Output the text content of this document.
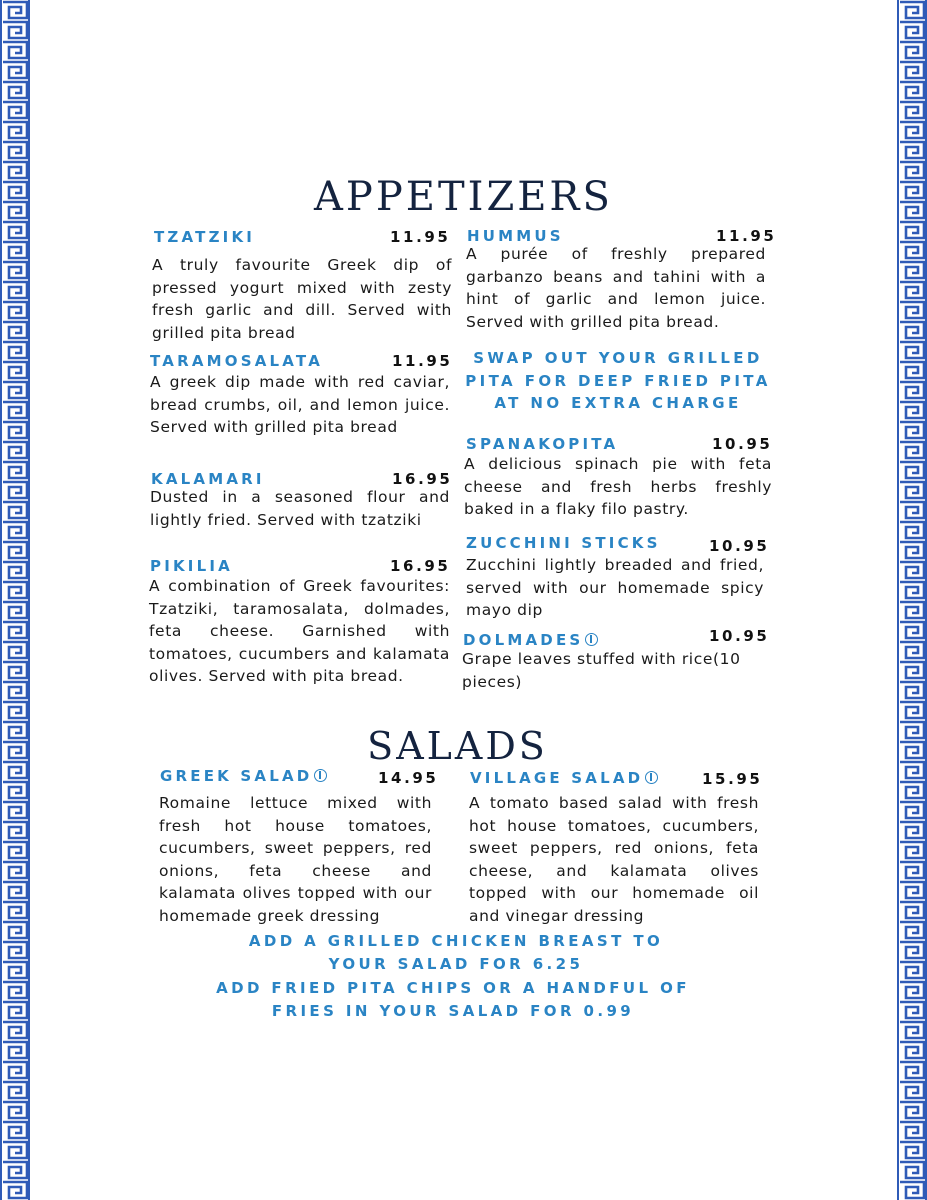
APPETIZERS
TZATZIKI	11.95

A truly favourite Greek dip of pressed yogurt mixed with zesty fresh garlic and dill. Served with grilled pita bread

TARAMOSALATA	11.95

A greek dip made with red caviar, bread crumbs, oil, and lemon juice. Served with grilled pita bread

KALAMARI	16.95

Dusted in a seasoned flour and lightly fried. Served with tzatziki

PIKILIA	16.95

A combination of Greek favourites: Tzatziki, taramosalata, dolmades, feta cheese. Garnished with tomatoes, cucumbers and kalamata olives. Served with pita bread.

HUMMUS	11.95

A purée of freshly prepared garbanzo beans and tahini with a hint of garlic and lemon juice. Served with grilled pita bread.

SWAP OUT YOUR GRILLED PITA FOR DEEP FRIED PITA AT NO EXTRA CHARGE

SPANAKOPITA	10.95

A delicious spinach pie with feta cheese and fresh herbs freshly baked in a flaky filo pastry.

ZUCCHINI STICKS	10.95

Zucchini lightly breaded and fried, served with our homemade spicy mayo dip

DOLMADES	10.95

Grape leaves stuffed with rice(10 pieces)

SALADS
GREEK SALAD	14.95

Romaine lettuce mixed with fresh hot house tomatoes, cucumbers, sweet peppers, red onions, feta cheese and kalamata olives topped with our homemade greek dressing

VILLAGE SALAD	15.95

A tomato based salad with fresh hot house tomatoes, cucumbers, sweet peppers, red onions, feta cheese, and kalamata olives topped with our homemade oil and vinegar dressing

ADD A GRILLED CHICKEN BREAST TO YOUR SALAD FOR 6.25

ADD FRIED PITA CHIPS OR A HANDFUL OF FRIES IN YOUR SALAD FOR 0.99
